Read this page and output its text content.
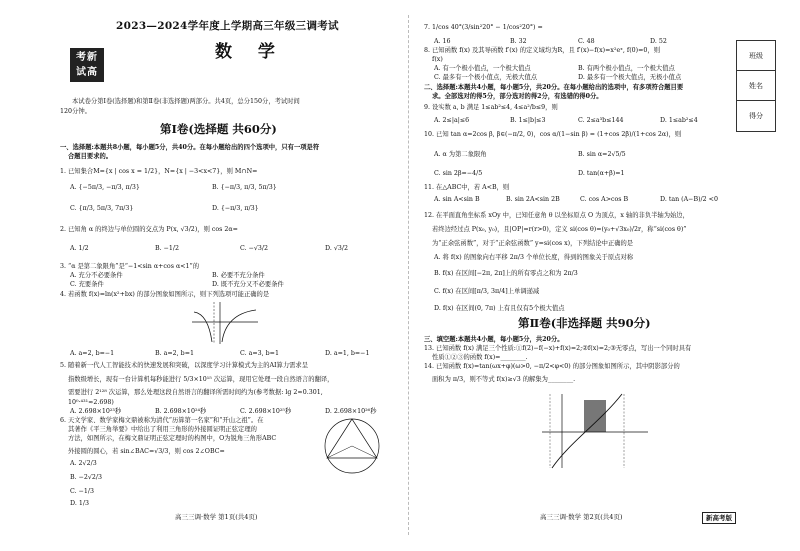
考新
试高
2023—2024学年度上学期高三年级三调考试
数 学
本试卷分第Ⅰ卷(选择题)和第Ⅱ卷(非选择题)两部分。共4页，总分150分，考试时间
120分钟。
第Ⅰ卷(选择题 共60分)
一、选择题:本题共8小题，每小题5分，共40分。在每小题给出的四个选项中，只有一项是符
合题目要求的。
1. 已知集合M={x | cos x = 1/2}，N={x | −3<x<7}，则 M∩N=
A. {−5π/3, −π/3, π/3}	B. {−π/3, π/3, 5π/3}
C. {π/3, 5π/3, 7π/3}	D. {−π/3, π/3}
2. 已知角 α 的终边与单位圆的交点为 P(x, √3/2)，则 cos 2α=
A. 1/2	B. −1/2	C. −√3/2	D. √3/2
3. “α 是第二象限角”是“−1<sin α+cos α<1”的
A. 充分不必要条件	B. 必要不充分条件
C. 充要条件	D. 既不充分又不必要条件
4. 若函数 f(x)=ln(x²+bx) 的部分图象如图所示，则下列选项可能正确的是
A. a=2, b=−1	B. a=2, b=1	C. a=3, b=1	D. a=1, b=−1
5. 随着新一代人工智能技术的快速发展和突破，以深度学习计算模式为主的AI算力需求呈
指数级增长，现有一台计算机每秒能进行 5/3×10¹⁵ 次运算，现用它处理一段自然语言的翻译，
需要进行 2¹²⁸ 次运算，那么处理这段自然语言的翻译所需时间约为(参考数据: lg 2≈0.301,
10⁰·⁴³¹≈2.698)
A. 2.698×10²³秒	B. 2.698×10²⁴秒	C. 2.698×10²⁵秒	D. 2.698×10²⁶秒
6. 天文学家、数学家梅文鼎被称为清代“历算第一名家”和“开山之祖”。在
其著作《平三角举要》中给出了利用三角形的外接圆证明正弦定理的
方法，如图所示，在梅文鼎证明正弦定理时的构图中，O为锐角三角形ABC
外接圆的圆心，若 sin∠BAC=√3/3，则 cos 2∠OBC=
A. 2√2/3
B. −2√2/3
C. −1/3
D. 1/3
高三三调·数学 第1页(共4页)
7. 1/cos 40°(3/sin²20° − 1/cos²20°) =
A. 16	B. 32	C. 48	D. 52
8. 已知函数 f(x) 及其导函数 f′(x) 的定义域均为R，且 f′(x)−f(x)=x²eˣ, f(0)=0，则
f(x)
A. 有一个极小值点，一个极大值点	B. 有两个极小值点，一个极大值点
C. 最多有一个极小值点，无极大值点	D. 最多有一个极大值点，无极小值点
二、选择题:本题共4小题，每小题5分，共20分。在每小题给出的选项中，有多项符合题目要
求。全部选对的得5分，部分选对的得2分，有选错的得0分。
9. 设实数 a, b 满足 1≤ab²≤4, 4≤a²/b≤9，则
A. 2≤|a|≤6	B. 1≤|b|≤3	C. 2≤a³b≤144	D. 1≤ab²≤4
10. 已知 tan α=2cos β, β∈(−π/2, 0)，cos α/(1−sin β) = (1+cos 2β)/(1+cos 2α)，则
A. α 为第二象限角	B. sin α=2√5/5
C. sin 2β=−4/5	D. tan(α+β)=1
11. 在△ABC中，若 A<B，则
A. sin A<sin B	B. sin 2A<sin 2B	C. cos A>cos B	D. tan (A−B)/2 <0
12. 在平面直角坐标系 xOy 中，已知任意角 θ 以坐标原点 O 为顶点，x 轴的非负半轴为始边，
若终边经过点 P(x₀, y₀)，且|OP|=r(r>0)，定义 si(cos θ)=(y₀+√3x₀)/2r，称“si(cos θ)”
为“正余弦函数”，对于“正余弦函数” y=si(cos x)，下列结论中正确的是
A. 将 f(x) 的图象向右平移 2π/3 个单位长度，得到的图象关于原点对称
B. f(x) 在区间[−2π, 2π]上的所有零点之和为 2π/3
C. f(x) 在区间[π/3, 3π/4]上单调递减
D. f(x) 在区间(0, 7π) 上有且仅有5个极大值点
第Ⅱ卷(非选择题 共90分)
三、填空题:本题共4小题，每小题5分，共20分。
13. 已知函数 f(x) 满足三个性质:①f(2)−f(−x)+f(x)=2;②f(x)=2;③无零点，写出一个同时具有
性质①②③的函数 f(x)=________.
14. 已知函数 f(x)=tan(ωx+φ)(ω>0, −π/2<φ<0) 的部分图象如图所示，其中阴影部分的
面积为 π/3，则不等式 f(x)≥√3 的解集为________.
高三三调·数学 第2页(共4页)
班级
姓名
得分
新高考版
